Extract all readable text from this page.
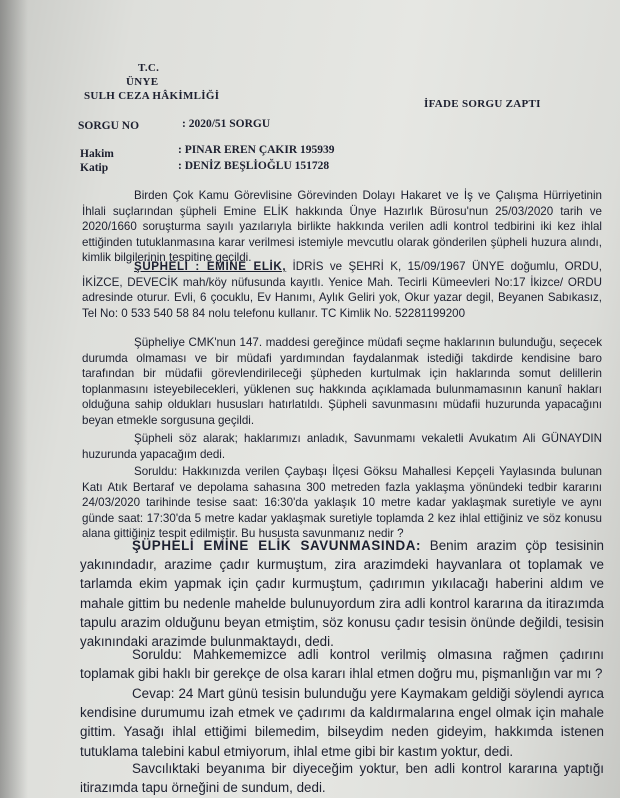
T.C.
ÜNYE
SULH CEZA HÂKİMLİĞİ
İFADE SORGU ZAPTI
SORGU NO	: 2020/51 SORGU
Hakim	: PINAR EREN ÇAKIR 195939
Katip	: DENİZ BEŞLİOĞLU 151728
Birden Çok Kamu Görevlisine Görevinden Dolayı Hakaret ve İş ve Çalışma Hürriyetinin İhlali suçlarından şüpheli Emine ELİK hakkında Ünye Hazırlık Bürosu'nun 25/03/2020 tarih ve 2020/1660 soruşturma sayılı yazılarıyla birlikte hakkında verilen adli kontrol tedbirini iki kez ihlal ettiğinden tutuklanmasına karar verilmesi istemiyle mevcutlu olarak gönderilen şüpheli huzura alındı, kimlik bilgilerinin tespitine geçildi.
ŞÜPHELİ : EMİNE ELİK, İDRİS ve ŞEHRİ K, 15/09/1967 ÜNYE doğumlu, ORDU, İKİZCE, DEVECİK mah/köy nüfusunda kayıtlı. Yenice Mah. Tecirli Kümeevleri No:17 İkizce/ ORDU adresinde oturur. Evli, 6 çocuklu, Ev Hanımı, Aylık Geliri yok, Okur yazar degil, Beyanen Sabıkasız, Tel No: 0 533 540 58 84 nolu telefonu kullanır. TC Kimlik No. 52281199200
Şüpheliye CMK'nun 147. maddesi gereğince müdafi seçme haklarının bulunduğu, seçecek durumda olmaması ve bir müdafi yardımından faydalanmak istediği takdirde kendisine baro tarafından bir müdafii görevlendirileceği şüpheden kurtulmak için haklarında somut delillerin toplanmasını isteyebilecekleri, yüklenen suç hakkında açıklamada bulunmamasının kanunî hakları olduğuna sahip oldukları hususları hatırlatıldı. Şüpheli savunmasını müdafii huzurunda yapacağını beyan etmekle sorgusuna geçildi.
Şüpheli söz alarak; haklarımızı anladık, Savunmamı vekaletli Avukatım Ali GÜNAYDIN huzurunda yapacağım dedi.
Soruldu: Hakkınızda verilen Çaybaşı İlçesi Göksu Mahallesi Kepçeli Yaylasında bulunan Katı Atık Bertaraf ve depolama sahasına 300 metreden fazla yaklaşma yönündeki tedbir kararını 24/03/2020 tarihinde tesise saat: 16:30'da yaklaşık 10 metre kadar yaklaşmak suretiyle ve aynı günde saat: 17:30'da 5 metre kadar yaklaşmak suretiyle toplamda 2 kez ihlal ettiğiniz ve söz konusu alana gittiğiniz tespit edilmiştir. Bu hususta savunmanız nedir ?
ŞÜPHELİ EMİNE ELİK SAVUNMASINDA: Benim arazim çöp tesisinin yakınındadır, arazime çadır kurmuştum, zira arazimdeki hayvanlara ot toplamak ve tarlamda ekim yapmak için çadır kurmuştum, çadırımın yıkılacağı haberini aldım ve mahale gittim bu nedenle mahelde bulunuyordum zira adli kontrol kararına da itirazımda tapulu arazim olduğunu beyan etmiştim, söz konusu çadır tesisin önünde değildi, tesisin yakınındaki arazimde bulunmaktaydı, dedi.
Soruldu: Mahkememizce adli kontrol verilmiş olmasına rağmen çadırını toplamak gibi haklı bir gerekçe de olsa kararı ihlal etmen doğru mu, pişmanlığın var mı ?
Cevap: 24 Mart günü tesisin bulunduğu yere Kaymakam geldiği söylendi ayrıca kendisine durumumu izah etmek ve çadırımı da kaldırmalarına engel olmak için mahale gittim. Yasağı ihlal ettiğimi bilemedim, bilseydim neden gideyim, hakkımda istenen tutuklama talebini kabul etmiyorum, ihlal etme gibi bir kastım yoktur, dedi.
Savcılıktaki beyanıma bir diyeceğim yoktur, ben adli kontrol kararına yaptığı itirazımda tapu örneğini de sundum, dedi.
